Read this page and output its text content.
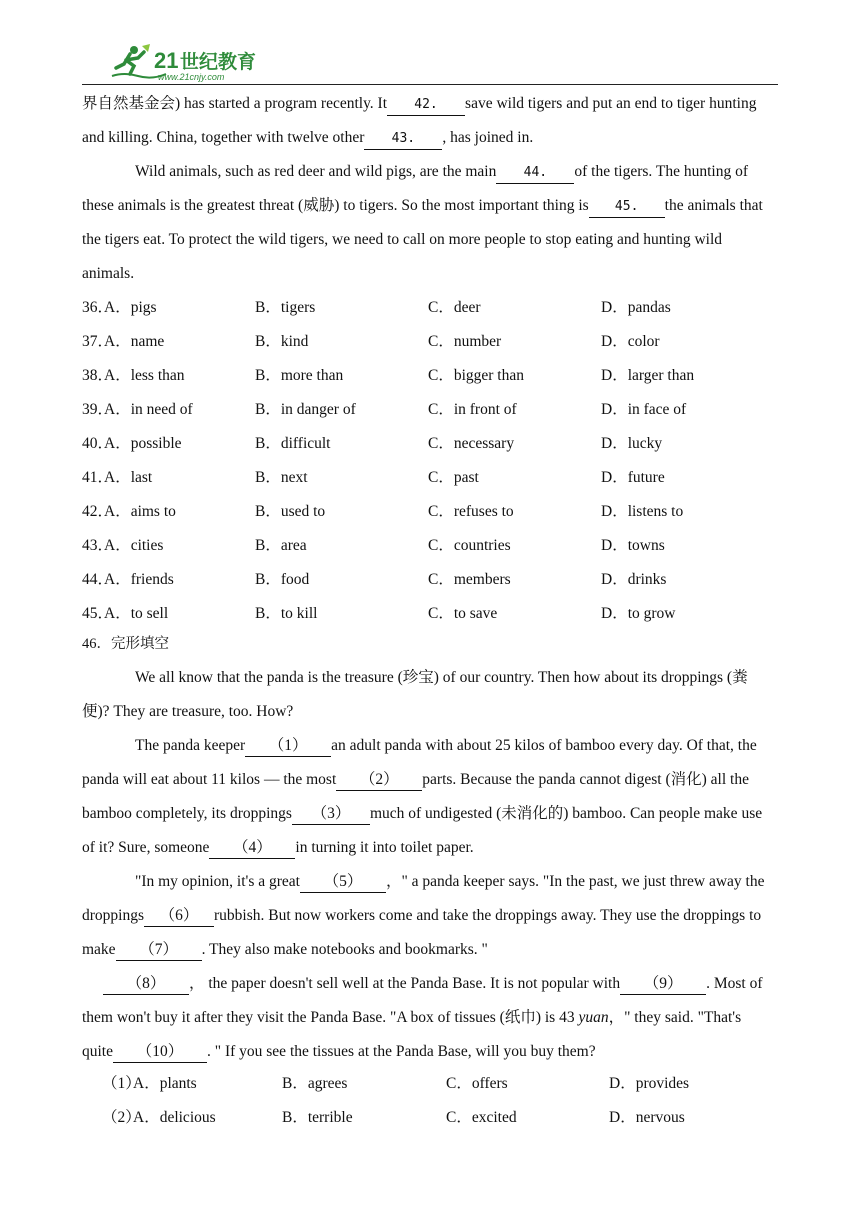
21 世纪教育
www.21cnjy.com
界自然基金会) has started a program recently. It 42. save wild tigers and put an end to tiger hunting
and killing. China, together with twelve other 43. , has joined in.
Wild animals, such as red deer and wild pigs, are the main 44. of the tigers. The hunting of
these animals is the greatest threat (威胁) to tigers. So the most important thing is 45. the animals that
the tigers eat. To protect the wild tigers, we need to call on more people to stop eating and hunting wild
animals.
36．
A．pigs	B．tigers	C．deer	D．pandas
37．
A．name	B．kind	C．number	D．color
38．
A．less than	B．more than	C．bigger than	D．larger than
39．
A．in need of	B．in danger of	C．in front of	D．in face of
40．
A．possible	B．difficult	C．necessary	D．lucky
41．
A．last	B．next	C．past	D．future
42．
A．aims to	B．used to	C．refuses to	D．listens to
43．
A．cities	B．area	C．countries	D．towns
44．
A．friends	B．food	C．members	D．drinks
45．
A．to sell	B．to kill	C．to save	D．to grow
46．完形填空
We all know that the panda is the treasure (珍宝) of our country. Then how about its droppings (粪
便)? They are treasure, too. How?
The panda keeper （1） an adult panda with about 25 kilos of bamboo every day. Of that, the
panda will eat about 11 kilos — the most （2） parts. Because the panda cannot digest (消化) all the
bamboo completely, its droppings （3） much of undigested (未消化的) bamboo. Can people make use
of it? Sure, someone （4） in turning it into toilet paper.
"In my opinion, it's a great （5） ，" a panda keeper says. "In the past, we just threw away the
droppings （6） rubbish. But now workers come and take the droppings away. They use the droppings to
make （7） . They also make notebooks and bookmarks. "
（8） ， the paper doesn't sell well at the Panda Base. It is not popular with （9） . Most of
them won't buy it after they visit the Panda Base. "A box of tissues (纸巾) is 43 yuan，" they said. "That's
quite （10） . " If you see the tissues at the Panda Base, will you buy them?
（1）
A．plants	B．agrees	C．offers	D．provides
（2）
A．delicious	B．terrible	C．excited	D．nervous
